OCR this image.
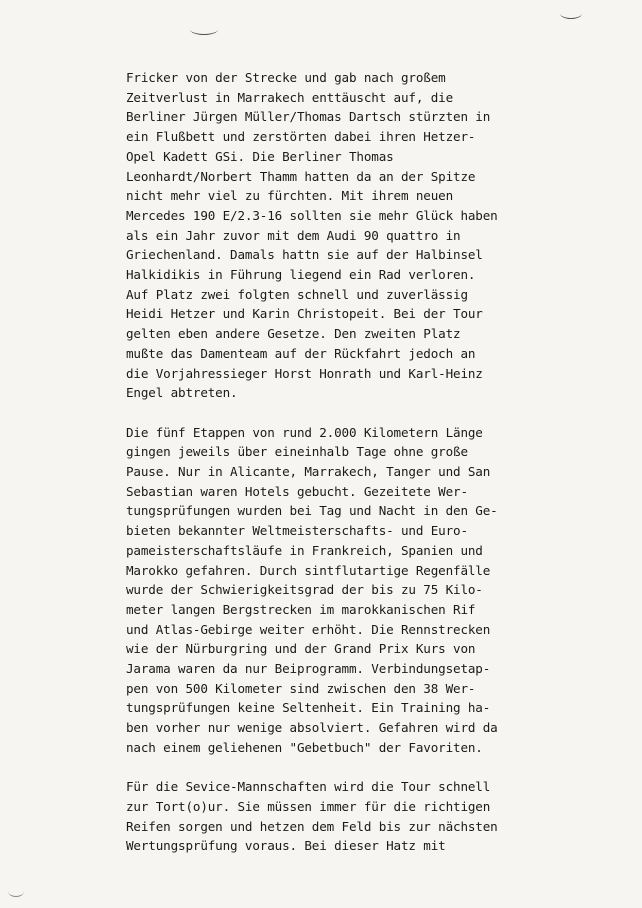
Fricker von der Strecke und gab nach großem
Zeitverlust in Marrakech enttäuscht auf, die
Berliner Jürgen Müller/Thomas Dartsch stürzten in
ein Flußbett und zerstörten dabei ihren Hetzer-
Opel Kadett GSi. Die Berliner Thomas
Leonhardt/Norbert Thamm hatten da an der Spitze
nicht mehr viel zu fürchten. Mit ihrem neuen
Mercedes 190 E/2.3-16 sollten sie mehr Glück haben
als ein Jahr zuvor mit dem Audi 90 quattro in
Griechenland. Damals hattn sie auf der Halbinsel
Halkidikis in Führung liegend ein Rad verloren.
Auf Platz zwei folgten schnell und zuverlässig
Heidi Hetzer und Karin Christopeit. Bei der Tour
gelten eben andere Gesetze. Den zweiten Platz
mußte das Damenteam auf der Rückfahrt jedoch an
die Vorjahressieger Horst Honrath und Karl-Heinz
Engel abtreten.
Die fünf Etappen von rund 2.000 Kilometern Länge
gingen jeweils über eineinhalb Tage ohne große
Pause. Nur in Alicante, Marrakech, Tanger und San
Sebastian waren Hotels gebucht. Gezeitete Wer-
tungsprüfungen wurden bei Tag und Nacht in den Ge-
bieten bekannter Weltmeisterschafts- und Euro-
pameisterschaftsläufe in Frankreich, Spanien und
Marokko gefahren. Durch sintflutartige Regenfälle
wurde der Schwierigkeitsgrad der bis zu 75 Kilo-
meter langen Bergstrecken im marokkanischen Rif
und Atlas-Gebirge weiter erhöht. Die Rennstrecken
wie der Nürburgring und der Grand Prix Kurs von
Jarama waren da nur Beiprogramm. Verbindungsetap-
pen von 500 Kilometer sind zwischen den 38 Wer-
tungsprüfungen keine Seltenheit. Ein Training ha-
ben vorher nur wenige absolviert. Gefahren wird da
nach einem geliehenen "Gebetbuch" der Favoriten.
Für die Sevice-Mannschaften wird die Tour schnell
zur Tort(o)ur. Sie müssen immer für die richtigen
Reifen sorgen und hetzen dem Feld bis zur nächsten
Wertungsprüfung voraus. Bei dieser Hatz mit
